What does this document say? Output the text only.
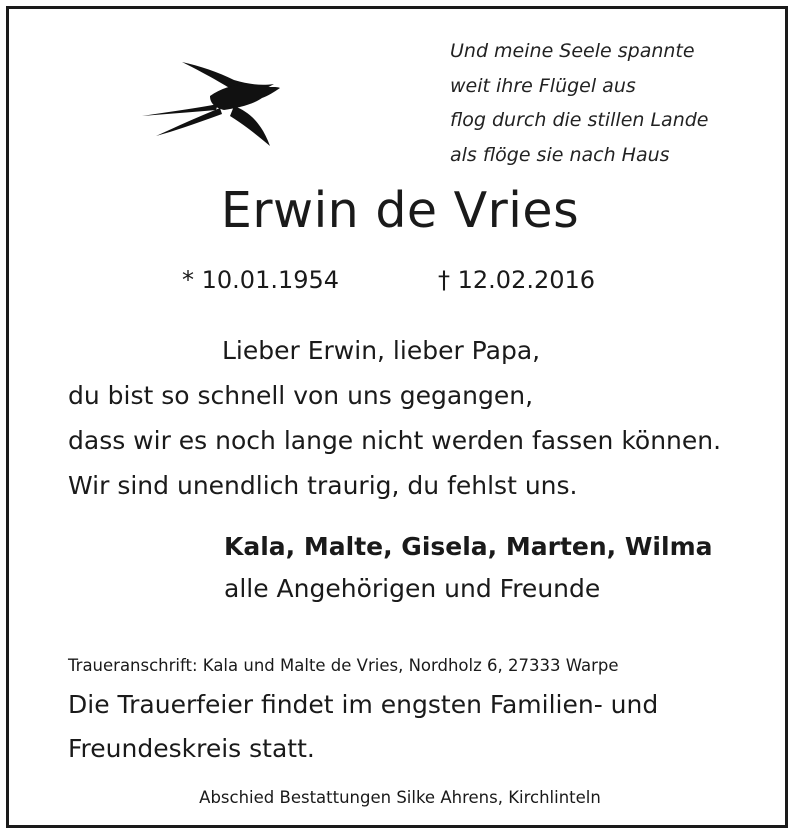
Und meine Seele spannte
weit ihre Flügel aus
flog durch die stillen Lande
als flöge sie nach Haus
Erwin de Vries
* 10.01.1954	† 12.02.2016
Lieber Erwin, lieber Papa,
du bist so schnell von uns gegangen,
dass wir es noch lange nicht werden fassen können.
Wir sind unendlich traurig, du fehlst uns.
Kala, Malte, Gisela, Marten, Wilma
alle Angehörigen und Freunde
Traueranschrift: Kala und Malte de Vries, Nordholz 6, 27333 Warpe
Die Trauerfeier findet im engsten Familien- und
Freundeskreis statt.
Abschied Bestattungen Silke Ahrens, Kirchlinteln
